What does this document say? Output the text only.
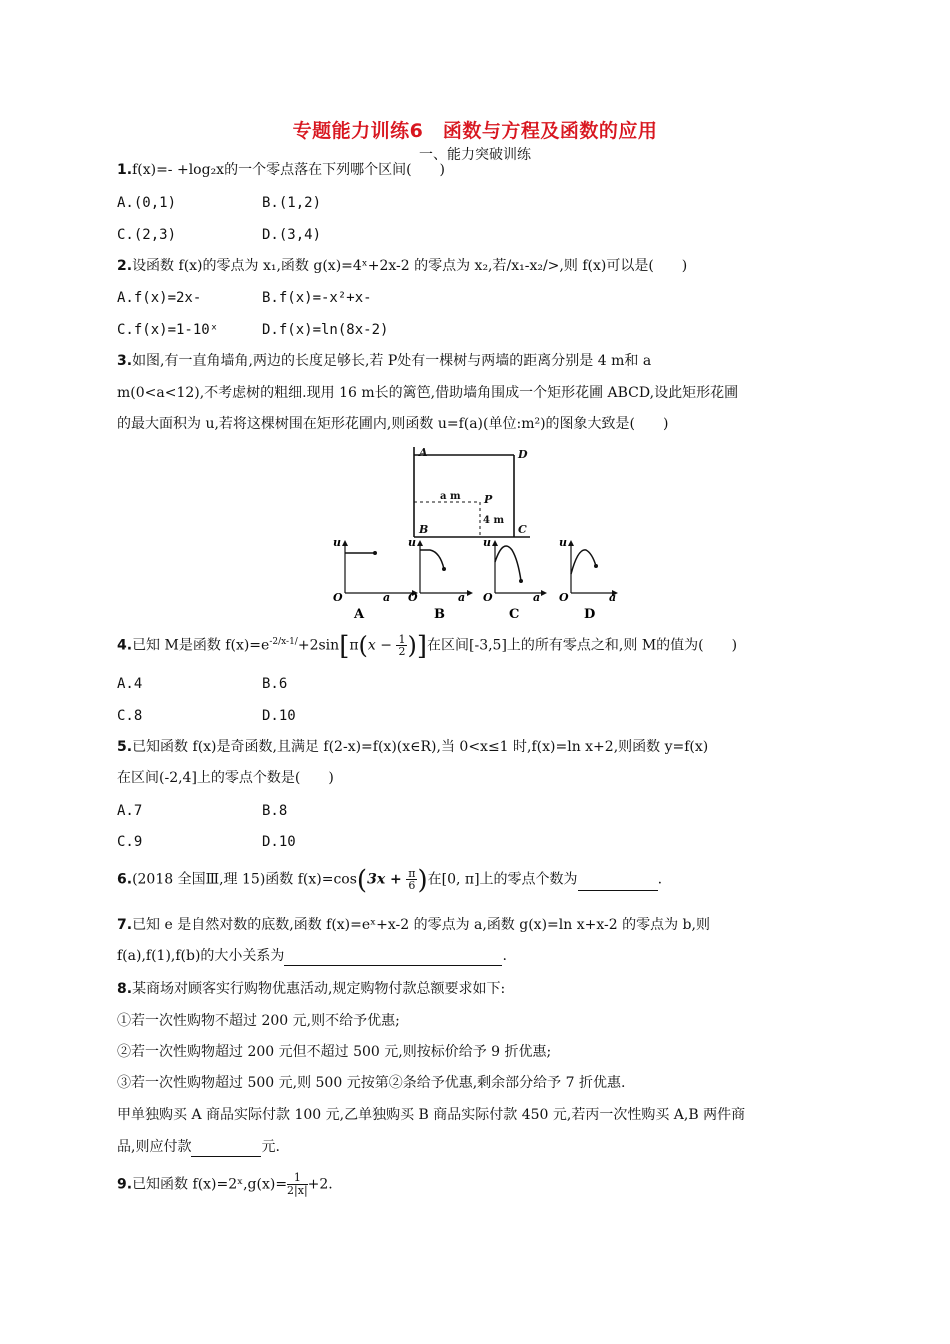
专题能力训练6　函数与方程及函数的应用
一、能力突破训练
1.f(x)=- +log₂x的一个零点落在下列哪个区间(　　)
A.(0,1)	B.(1,2)
C.(2,3)	D.(3,4)
2.设函数 f(x)的零点为 x₁,函数 g(x)=4ˣ+2x-2 的零点为 x₂,若/x₁-x₂/>,则 f(x)可以是(　　)
A.f(x)=2x-	B.f(x)=-x²+x-
C.f(x)=1-10ˣ	D.f(x)=ln(8x-2)
3.如图,有一直角墙角,两边的长度足够长,若 P处有一棵树与两墙的距离分别是 4 m和 a
m(0<a<12),不考虑树的粗细.现用 16 m长的篱笆,借助墙角围成一个矩形花圃 ABCD,设此矩形花圃
的最大面积为 u,若将这棵树围在矩形花圃内,则函数 u=f(a)(单位:m²)的图象大致是(　　)
A	D
B	C
P
a m
4 m
u
O	a
A
u
O	a
B
u
O	a
C
u
O	a
D
4.已知 M是函数 $f(x)=e^{-2/x-1/}+2\sin[\pi(x - \frac{1}{2}$ )]在区间[-3,5]上的所有零点之和,则 M的值为(　　)
A.4	B.6
C.8	D.10
5.已知函数 f(x)是奇函数,且满足 f(2-x)=f(x)(x∈R),当 0<x≤1 时,f(x)=ln x+2,则函数 y=f(x)
在区间(-2,4]上的零点个数是(　　)
A.7	B.8
C.9	D.10
6.(2018 全国Ⅲ,理 15)函数 $f(x)=\cos(3x + \frac{\pi}{6}$ )在[0, π]上的零点个数为	.
7.已知 e 是自然对数的底数,函数 f(x)=eˣ+x-2 的零点为 a,函数 g(x)=ln x+x-2 的零点为 b,则
f(a),f(1),f(b)的大小关系为	.
8.某商场对顾客实行购物优惠活动,规定购物付款总额要求如下:
①若一次性购物不超过 200 元,则不给予优惠;
②若一次性购物超过 200 元但不超过 500 元,则按标价给予 9 折优惠;
③若一次性购物超过 500 元,则 500 元按第②条给予优惠,剩余部分给予 7 折优惠.
甲单独购买 A 商品实际付款 100 元,乙单独购买 B 商品实际付款 450 元,若丙一次性购买 A,B 两件商
品,则应付款	元.
9.已知函数 f(x)=2ˣ,g(x)= $\frac{1}{2|x|} +2$.
